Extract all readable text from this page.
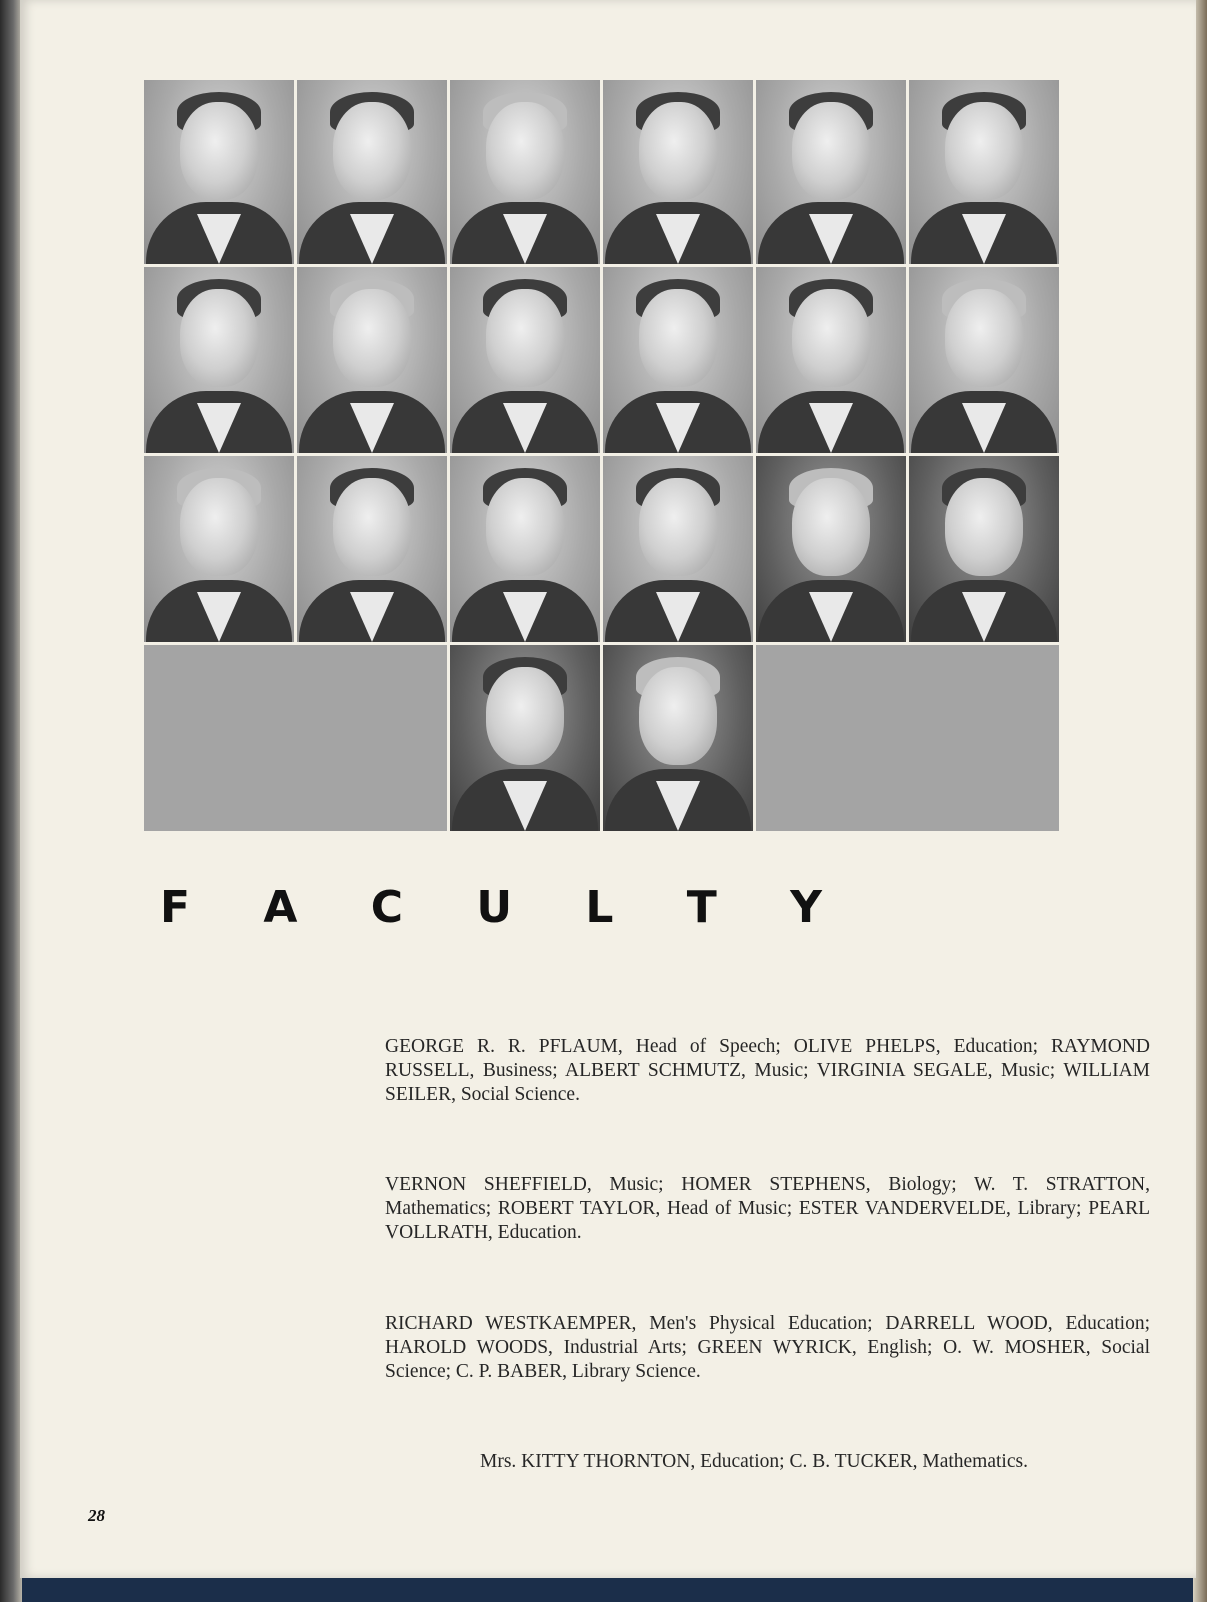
F A C U L T Y

GEORGE R. R. PFLAUM, Head of Speech; OLIVE PHELPS, Education; RAYMOND RUSSELL, Business; ALBERT SCHMUTZ, Music; VIRGINIA SEGALE, Music; WILLIAM SEILER, Social Science.

VERNON SHEFFIELD, Music; HOMER STEPHENS, Biology; W. T. STRATTON, Mathematics; ROBERT TAYLOR, Head of Music; ESTER VANDERVELDE, Library; PEARL VOLLRATH, Education.

RICHARD WESTKAEMPER, Men's Physical Education; DARRELL WOOD, Education; HAROLD WOODS, Industrial Arts; GREEN WYRICK, English; O. W. MOSHER, Social Science; C. P. BABER, Library Science.

Mrs. KITTY THORNTON, Education; C. B. TUCKER, Mathematics.

28
